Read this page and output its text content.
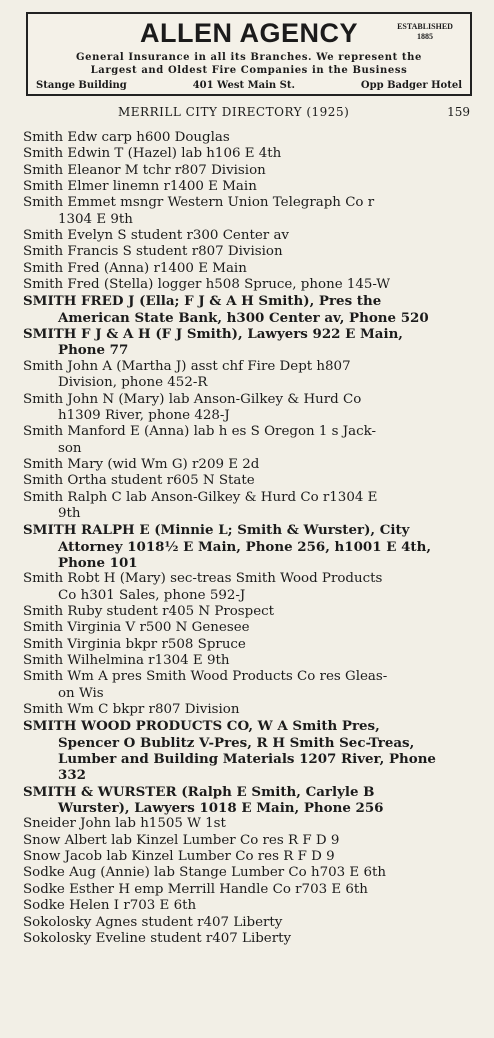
ALLEN AGENCY	ESTABLISHED
1885
General Insurance in all its Branches. We represent the
Largest and Oldest Fire Companies in the Business
Stange Building	401 West Main St.	Opp Badger Hotel
MERRILL CITY DIRECTORY (1925)	159
Smith Edw carp h600 Douglas
Smith Edwin T (Hazel) lab h106 E 4th
Smith Eleanor M tchr r807 Division
Smith Elmer linemn r1400 E Main
Smith Emmet msngr Western Union Telegraph Co r
1304 E 9th
Smith Evelyn S student r300 Center av
Smith Francis S student r807 Division
Smith Fred (Anna) r1400 E Main
Smith Fred (Stella) logger h508 Spruce, phone 145-W
SMITH FRED J (Ella; F J & A H Smith), Pres the
American State Bank, h300 Center av, Phone 520
SMITH F J & A H (F J Smith), Lawyers 922 E Main,
Phone 77
Smith John A (Martha J) asst chf Fire Dept h807
Division, phone 452-R
Smith John N (Mary) lab Anson-Gilkey & Hurd Co
h1309 River, phone 428-J
Smith Manford E (Anna) lab h es S Oregon 1 s Jack-
son
Smith Mary (wid Wm G) r209 E 2d
Smith Ortha student r605 N State
Smith Ralph C lab Anson-Gilkey & Hurd Co r1304 E
9th
SMITH RALPH E (Minnie L; Smith & Wurster), City
Attorney 1018½ E Main, Phone 256, h1001 E 4th,
Phone 101
Smith Robt H (Mary) sec-treas Smith Wood Products
Co h301 Sales, phone 592-J
Smith Ruby student r405 N Prospect
Smith Virginia V r500 N Genesee
Smith Virginia bkpr r508 Spruce
Smith Wilhelmina r1304 E 9th
Smith Wm A pres Smith Wood Products Co res Gleas-
on Wis
Smith Wm C bkpr r807 Division
SMITH WOOD PRODUCTS CO, W A Smith Pres,
Spencer O Bublitz V-Pres, R H Smith Sec-Treas,
Lumber and Building Materials 1207 River, Phone
332
SMITH & WURSTER (Ralph E Smith, Carlyle B
Wurster), Lawyers 1018 E Main, Phone 256
Sneider John lab h1505 W 1st
Snow Albert lab Kinzel Lumber Co res R F D 9
Snow Jacob lab Kinzel Lumber Co res R F D 9
Sodke Aug (Annie) lab Stange Lumber Co h703 E 6th
Sodke Esther H emp Merrill Handle Co r703 E 6th
Sodke Helen I r703 E 6th
Sokolosky Agnes student r407 Liberty
Sokolosky Eveline student r407 Liberty
